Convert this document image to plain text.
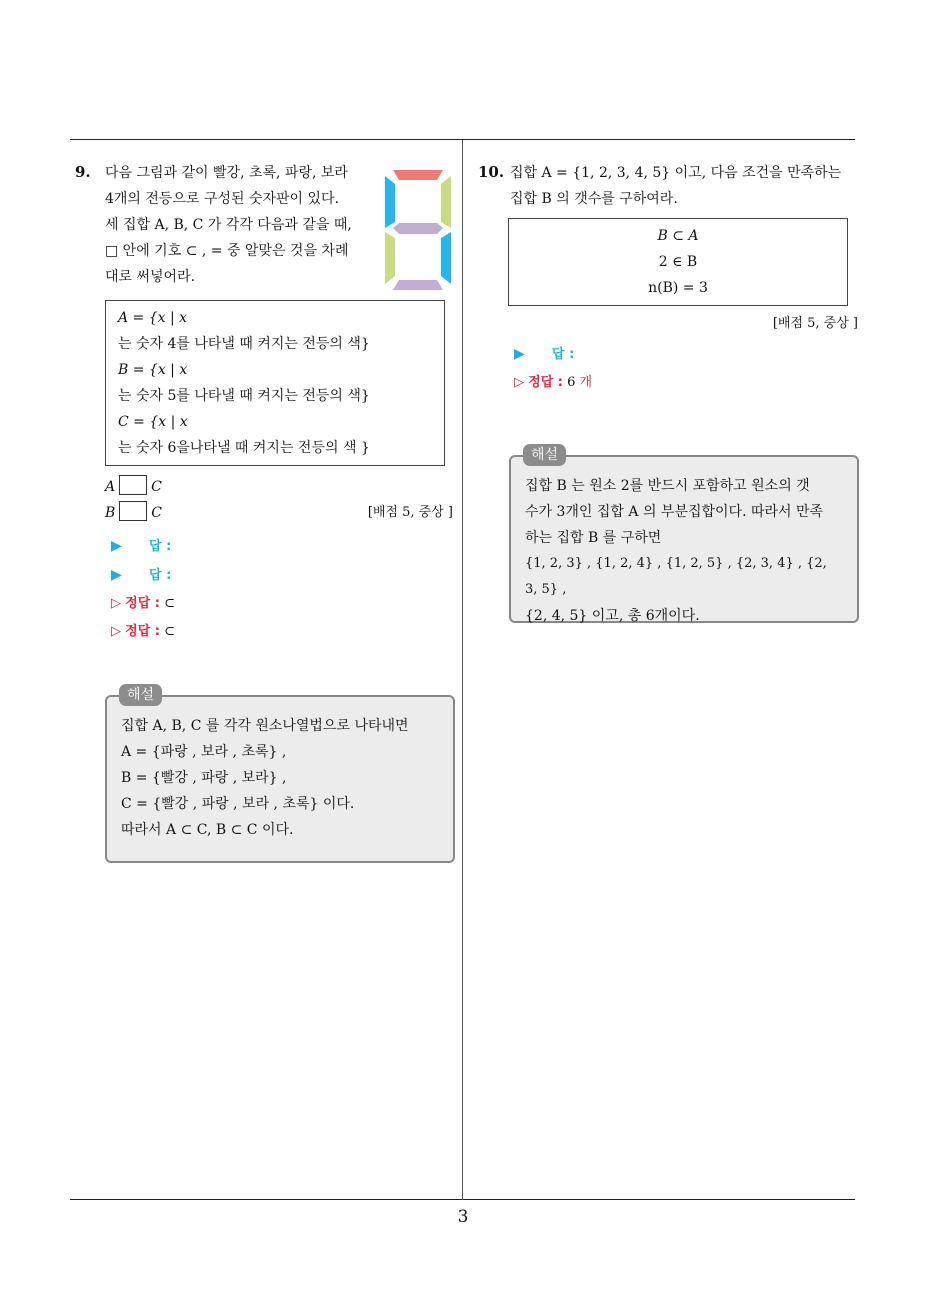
9. 다음 그림과 같이 빨강, 초록, 파랑, 보라
4개의 전등으로 구성된 숫자판이 있다.
세 집합 A, B, C 가 각각 다음과 같을 때,
□ 안에 기호 ⊂ , = 중 알맞은 것을 차례
대로 써넣어라.
A = {x | x
는 숫자 4를 나타낼 때 켜지는 전등의 색}
B = {x | x
는 숫자 5를 나타낼 때 켜지는 전등의 색}
C = {x | x
는 숫자 6을나타낼 때 켜지는 전등의 색 }
A	C
B	C	[배점 5, 중상 ]
▶ 답 :
▶ 답 :
▷ 정답 : ⊂
▷ 정답 : ⊂
해설
집합 A, B, C 를 각각 원소나열법으로 나타내면
A = {파랑 , 보라 , 초록} ,
B = {빨강 , 파랑 , 보라} ,
C = {빨강 , 파랑 , 보라 , 초록} 이다.
따라서 A ⊂ C, B ⊂ C 이다.
10. 집합 A = {1, 2, 3, 4, 5} 이고, 다음 조건을 만족하는
집합 B 의 갯수를 구하여라.
B ⊂ A
2 ∈ B
n(B) = 3
[배점 5, 중상 ]
▶ 답 :
▷ 정답 : 6 개
해설
집합 B 는 원소 2를 반드시 포함하고 원소의 갯
수가 3개인 집합 A 의 부분집합이다. 따라서 만족
하는 집합 B 를 구하면
{1, 2, 3} , {1, 2, 4} , {1, 2, 5} , {2, 3, 4} , {2, 3, 5} ,
{2, 4, 5} 이고, 총 6개이다.
3
